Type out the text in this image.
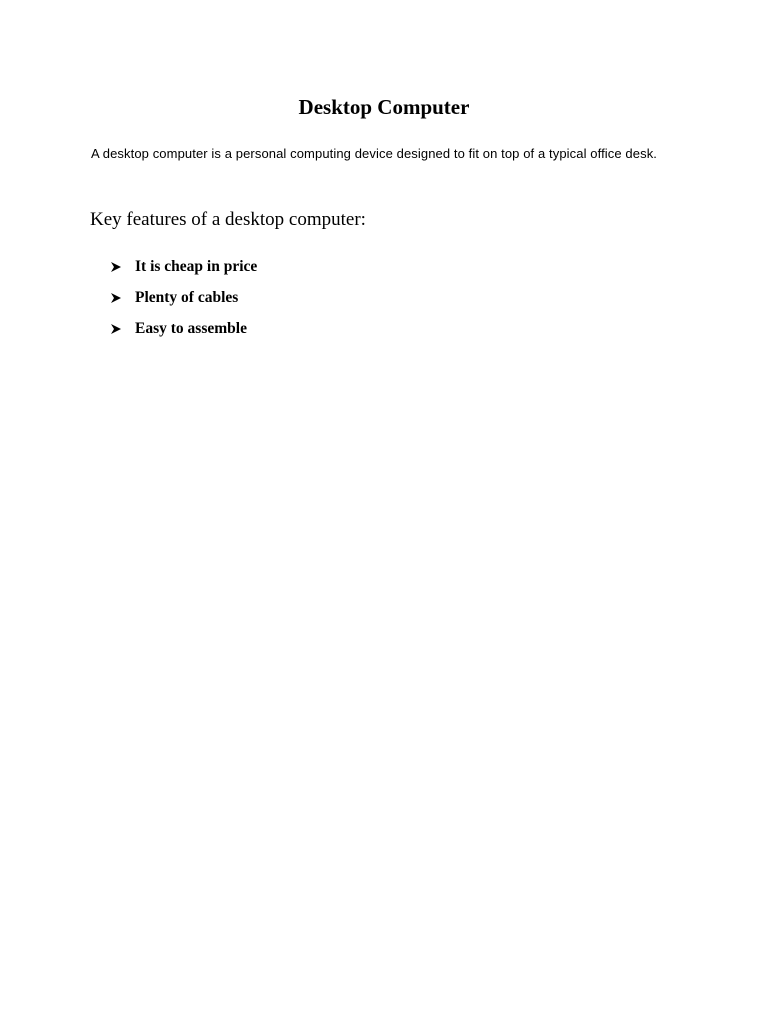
Desktop Computer

A desktop computer is a personal computing device designed to fit on top of a typical office desk.

Key features of a desktop computer:
It is cheap in price
Plenty of cables
Easy to assemble
